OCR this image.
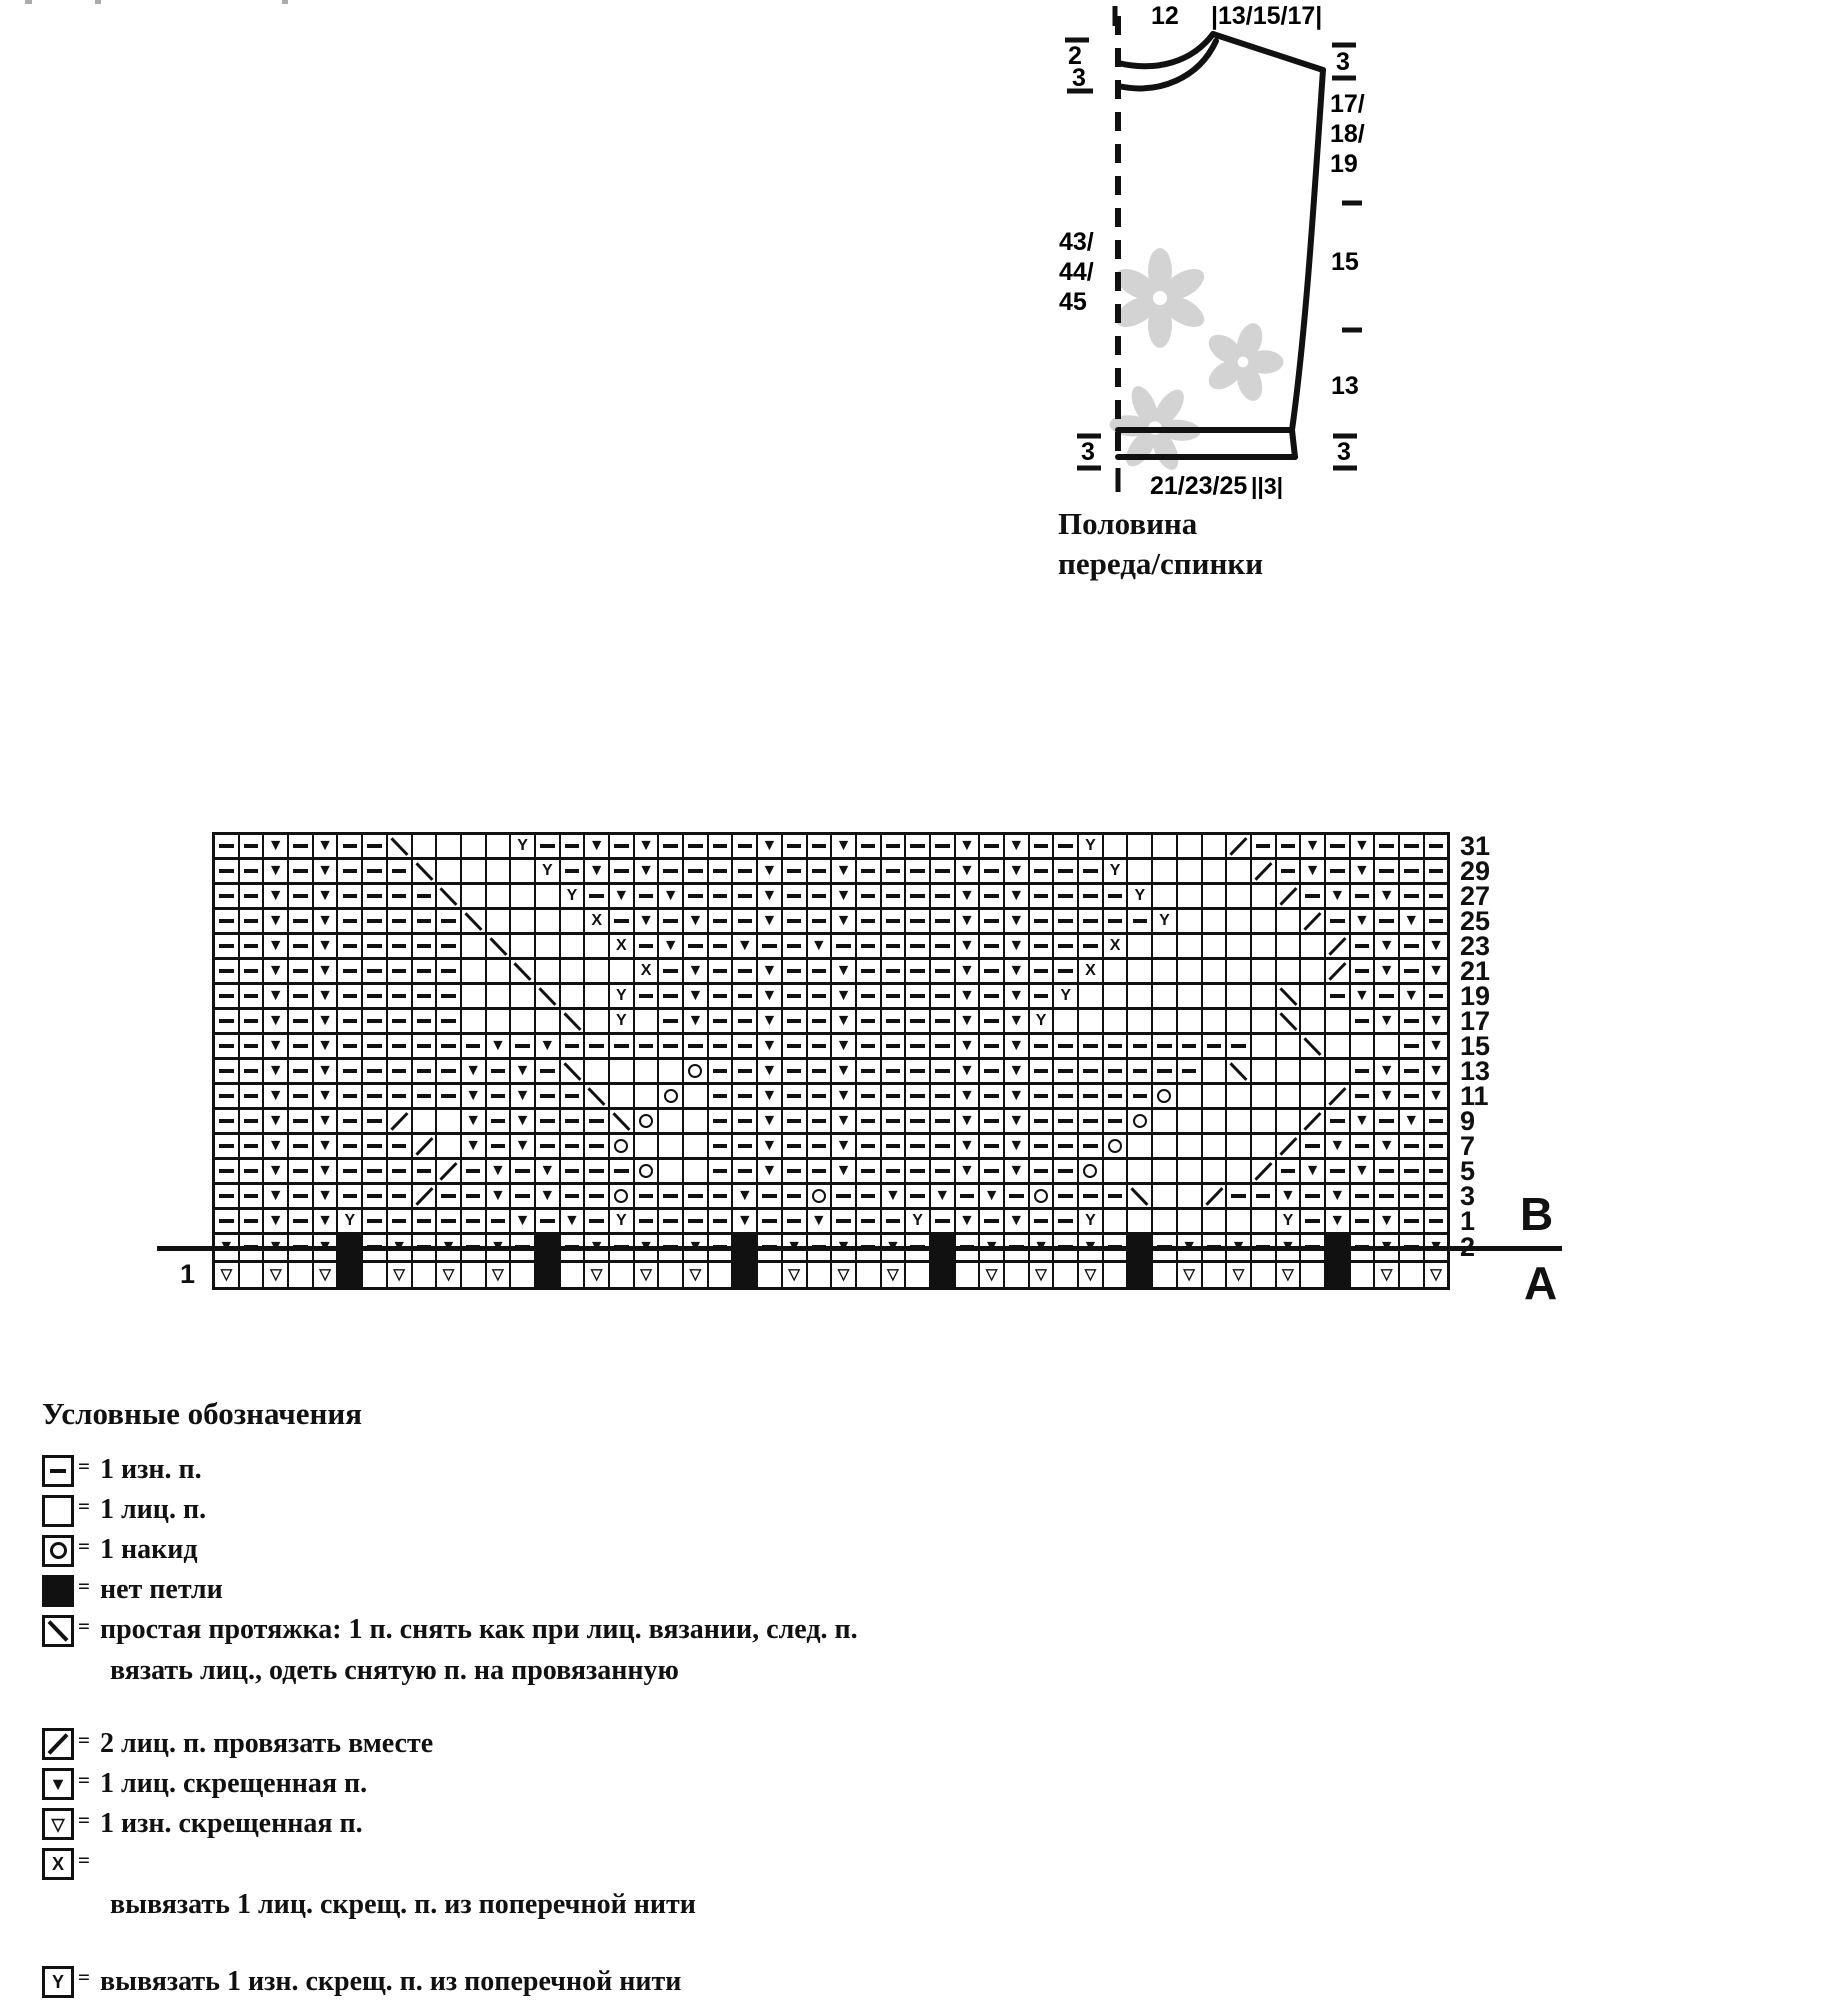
12 |13/15/17|
2
3
3
17/
18/
19
15
13
43/
44/
45
3	3
21/23/25 ||3|
Половина
переда/спинки
▼
▼
Y
▼
▼
▼
▼
▼
▼
Y
▼
▼
▼
▼
Y
▼
▼
▼
▼
▼
▼
Y
▼
▼
▼
▼
Y
▼
▼
▼
▼
▼
▼
Y
▼
▼
▼
▼
X
▼
▼
▼
▼
▼
▼
Y
▼
▼
▼
▼
X
▼
▼
▼
▼
▼
X
▼
▼
▼
▼
X
▼
▼
▼
▼
▼
X
▼
▼
▼
▼
Y
▼
▼
▼
▼
▼
Y
▼
▼
▼
▼
Y
▼
▼
▼
▼
▼
Y
▼
▼
▼
▼
▼
▼
▼
▼
▼
▼
▼
▼
▼
▼
▼
▼
▼
▼
▼
▼
▼
▼
▼
▼
▼
▼
▼
▼
▼
▼
▼
▼
▼
▼
▼
▼
▼
▼
▼
▼
▼
▼
▼
▼
▼
▼
▼
▼
▼
▼
▼
▼
▼
▼
▼
▼
▼
▼
▼
▼
▼
▼
▼
▼
▼
▼
▼
▼
▼
▼
▼
▼
▼
Y
▼
▼
Y
▼
▼
Y
▼
▼
Y
Y
▼
▼
▼
▼
▼
▼
▼
▼
▼
▼
▼
▼
▼
▼
▼
▼
▼
▼
▼
▼
▼
▼
▽
▽
▽
▽
▽
▽
▽
▽
▽
▽
▽
▽
▽
▽
▽
▽
▽
▽
▽
▽
31
29
27
25
23
21
19
17
15
13
11
9
7
5
3
1
1
B
A
Условные обозначения
= 1 изн. п.
= 1 лиц. п.
= 1 накид
= нет петли
= простая протяжка: 1 п. снять как при лиц. вязании, след. п.
вязать лиц., одеть снятую п. на провязанную
= 2 лиц. п. провязать вместе
▼
= 1 лиц. скрещенная п.
▽
= 1 изн. скрещенная п.
X
=
вывязать 1 лиц. скрещ. п. из поперечной нити
Y
= вывязать 1 изн. скрещ. п. из поперечной нити
